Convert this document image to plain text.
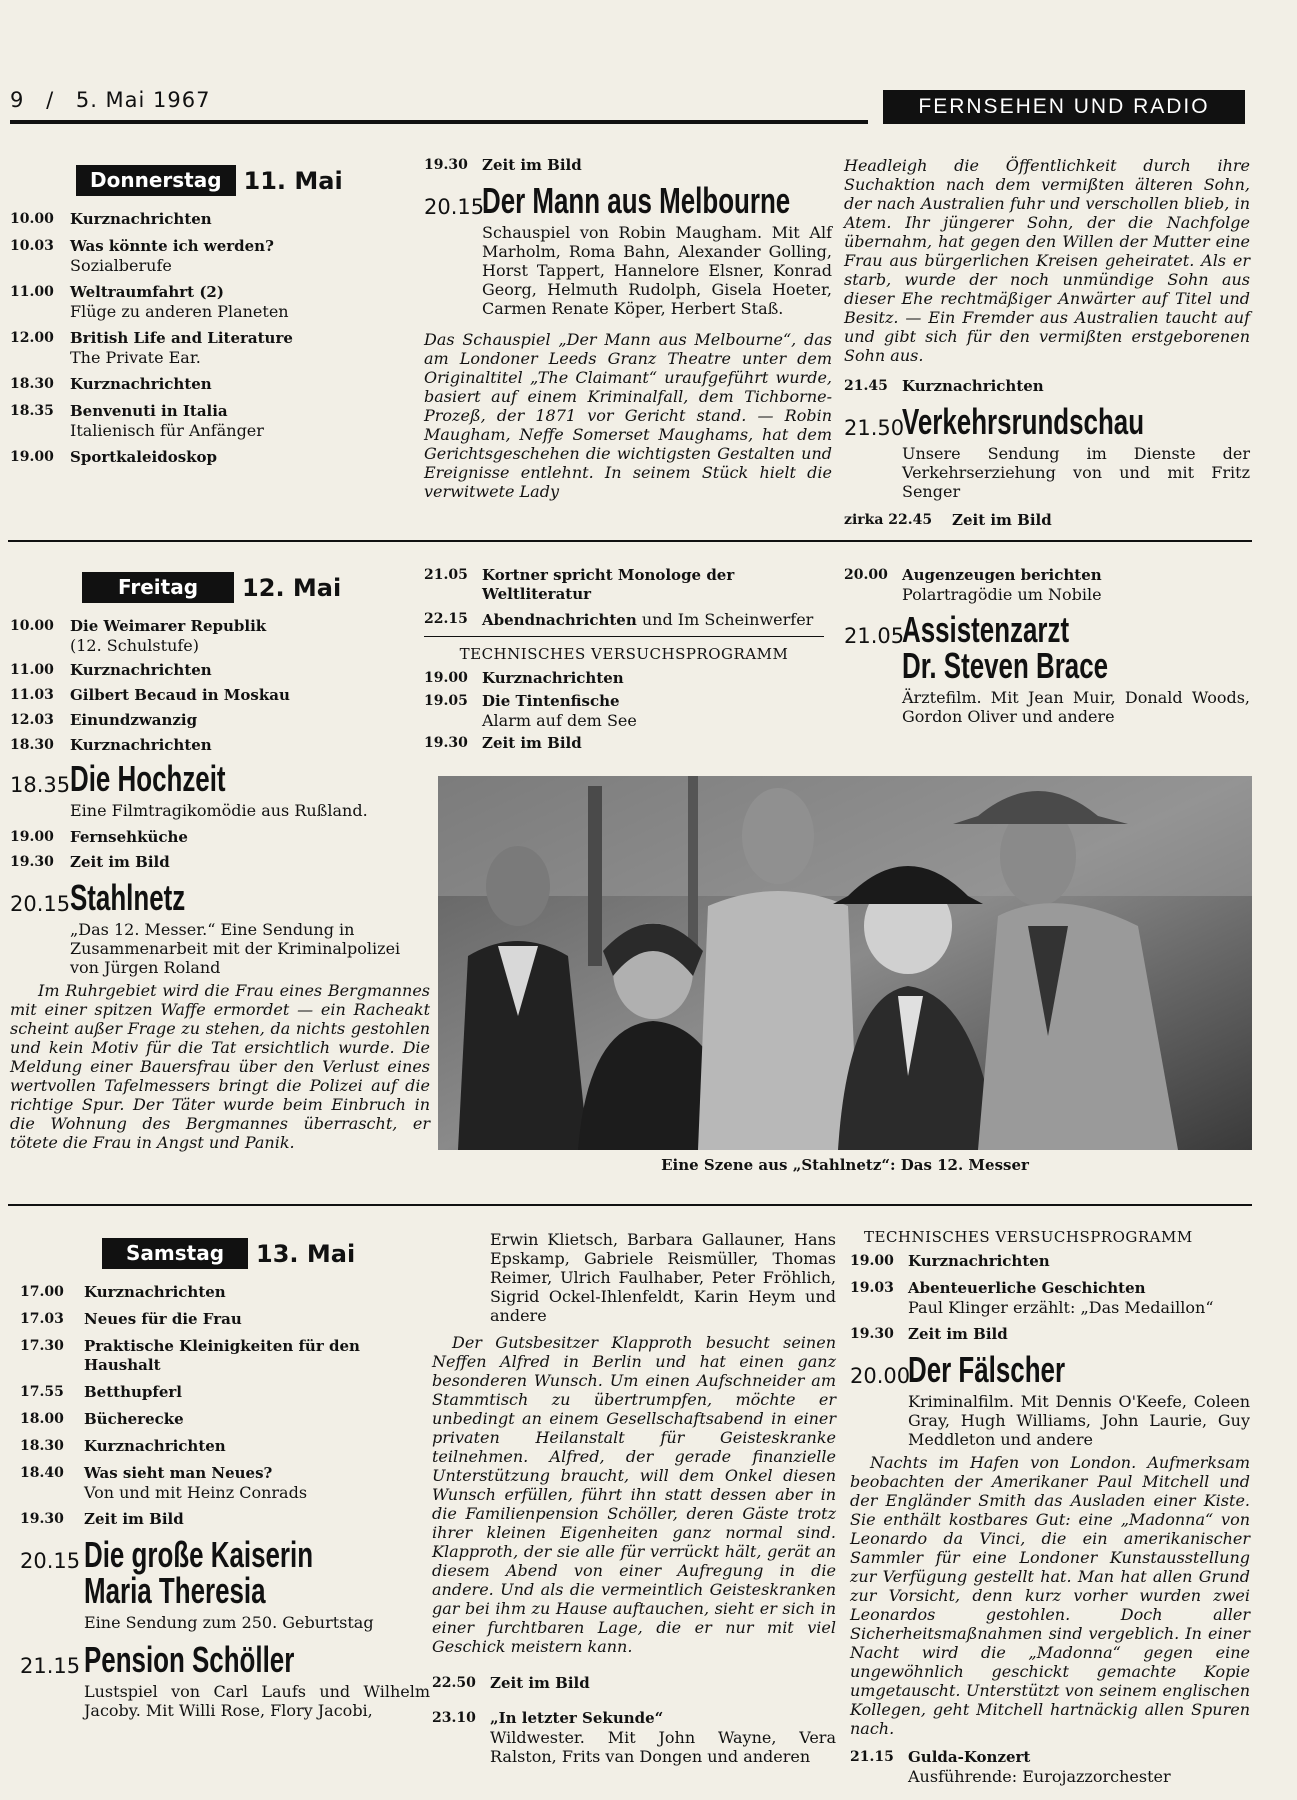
9 / 5. Mai 1967	FERNSEHEN UND RADIO
Donnerstag 11. Mai
10.00	Kurznachrichten
10.03	Was könnte ich werden?
Sozialberufe
11.00	Weltraumfahrt (2)
Flüge zu anderen Planeten
12.00	British Life and Literature
The Private Ear.
18.30	Kurznachrichten
18.35	Benvenuti in Italia
Italienisch für Anfänger
19.00	Sportkaleidoskop
19.30 Zeit im Bild
20.15
Der Mann aus Melbourne
Schauspiel von Robin Maugham. Mit Alf Marholm, Roma Bahn, Alexander Golling, Horst Tappert, Hannelore Elsner, Konrad Georg, Helmuth Rudolph, Gisela Hoeter, Carmen Renate Köper, Herbert Staß.
Das Schauspiel „Der Mann aus Melbourne“, das am Londoner Leeds Granz Theatre unter dem Originaltitel „The Claimant“ uraufgeführt wurde, basiert auf einem Kriminalfall, dem Tichborne-Prozeß, der 1871 vor Gericht stand. — Robin Maugham, Neffe Somerset Maughams, hat dem Gerichtsgeschehen die wichtigsten Gestalten und Ereignisse entlehnt. In seinem Stück hielt die verwitwete Lady
Headleigh die Öffentlichkeit durch ihre Suchaktion nach dem vermißten älteren Sohn, der nach Australien fuhr und verschollen blieb, in Atem. Ihr jüngerer Sohn, der die Nachfolge übernahm, hat gegen den Willen der Mutter eine Frau aus bürgerlichen Kreisen geheiratet. Als er starb, wurde der noch unmündige Sohn aus dieser Ehe rechtmäßiger Anwärter auf Titel und Besitz. — Ein Fremder aus Australien taucht auf und gibt sich für den vermißten erstgeborenen Sohn aus.
21.45 Kurznachrichten
21.50
Verkehrsrundschau
Unsere Sendung im Dienste der Verkehrserziehung von und mit Fritz Senger
zirka 22.45	Zeit im Bild
Freitag	12. Mai
10.00	Die Weimarer Republik
(12. Schulstufe)
11.00	Kurznachrichten
11.03	Gilbert Becaud in Moskau
12.03	Einundzwanzig
18.30	Kurznachrichten
18.35 Die Hochzeit
Eine Filmtragikomödie aus Rußland.
19.00	Fernsehküche
19.30	Zeit im Bild
20.15 Stahlnetz
„Das 12. Messer.“ Eine Sendung in Zusammenarbeit mit der Kriminalpolizei von Jürgen Roland
Im Ruhrgebiet wird die Frau eines Bergmannes mit einer spitzen Waffe ermordet — ein Racheakt scheint außer Frage zu stehen, da nichts gestohlen und kein Motiv für die Tat ersichtlich wurde. Die Meldung einer Bauersfrau über den Verlust eines wertvollen Tafelmessers bringt die Polizei auf die richtige Spur. Der Täter wurde beim Einbruch in die Wohnung des Bergmannes überrascht, er tötete die Frau in Angst und Panik.
21.05 Kortner spricht Monologe der Weltliteratur
22.15 Abendnachrichten und Im Scheinwerfer
TECHNISCHES VERSUCHSPROGRAMM
19.00 Kurznachrichten
19.05 Die Tintenfische
Alarm auf dem See
19.30 Zeit im Bild
20.00 Augenzeugen berichten
Polartragödie um Nobile
21.05
Assistenzarzt
Dr. Steven Brace
Ärztefilm. Mit Jean Muir, Donald Woods, Gordon Oliver und andere
Eine Szene aus „Stahlnetz“: Das 12. Messer
Samstag	13. Mai
17.00	Kurznachrichten
17.03	Neues für die Frau
17.30	Praktische Kleinigkeiten für den Haushalt
17.55	Betthupferl
18.00	Bücherecke
18.30	Kurznachrichten
18.40	Was sieht man Neues?
Von und mit Heinz Conrads
19.30	Zeit im Bild
20.15 Die große Kaiserin
Maria Theresia
Eine Sendung zum 250. Geburtstag
21.15 Pension Schöller
Lustspiel von Carl Laufs und Wilhelm Jacoby. Mit Willi Rose, Flory Jacobi,
Erwin Klietsch, Barbara Gallauner, Hans Epskamp, Gabriele Reismüller, Thomas Reimer, Ulrich Faulhaber, Peter Fröhlich, Sigrid Ockel-Ihlenfeldt, Karin Heym und andere
Der Gutsbesitzer Klapproth besucht seinen Neffen Alfred in Berlin und hat einen ganz besonderen Wunsch. Um einen Aufschneider am Stammtisch zu übertrumpfen, möchte er unbedingt an einem Gesellschaftsabend in einer privaten Heilanstalt für Geisteskranke teilnehmen. Alfred, der gerade finanzielle Unterstützung braucht, will dem Onkel diesen Wunsch erfüllen, führt ihn statt dessen aber in die Familienpension Schöller, deren Gäste trotz ihrer kleinen Eigenheiten ganz normal sind. Klapproth, der sie alle für verrückt hält, gerät an diesem Abend von einer Aufregung in die andere. Und als die vermeintlich Geisteskranken gar bei ihm zu Hause auftauchen, sieht er sich in einer furchtbaren Lage, die er nur mit viel Geschick meistern kann.
22.50 Zeit im Bild
23.10 „In letzter Sekunde“
Wildwester. Mit John Wayne, Vera Ralston, Frits van Dongen und anderen
TECHNISCHES VERSUCHSPROGRAMM
19.00 Kurznachrichten
19.03 Abenteuerliche Geschichten
Paul Klinger erzählt: „Das Medaillon“
19.30 Zeit im Bild
20.00
Der Fälscher
Kriminalfilm. Mit Dennis O'Keefe, Coleen Gray, Hugh Williams, John Laurie, Guy Meddleton und andere
Nachts im Hafen von London. Aufmerksam beobachten der Amerikaner Paul Mitchell und der Engländer Smith das Ausladen einer Kiste. Sie enthält kostbares Gut: eine „Madonna“ von Leonardo da Vinci, die ein amerikanischer Sammler für eine Londoner Kunstausstellung zur Verfügung gestellt hat. Man hat allen Grund zur Vorsicht, denn kurz vorher wurden zwei Leonardos gestohlen. Doch aller Sicherheitsmaßnahmen sind vergeblich. In einer Nacht wird die „Madonna“ gegen eine ungewöhnlich geschickt gemachte Kopie umgetauscht. Unterstützt von seinem englischen Kollegen, geht Mitchell hartnäckig allen Spuren nach.
21.15 Gulda-Konzert
Ausführende: Eurojazzorchester
